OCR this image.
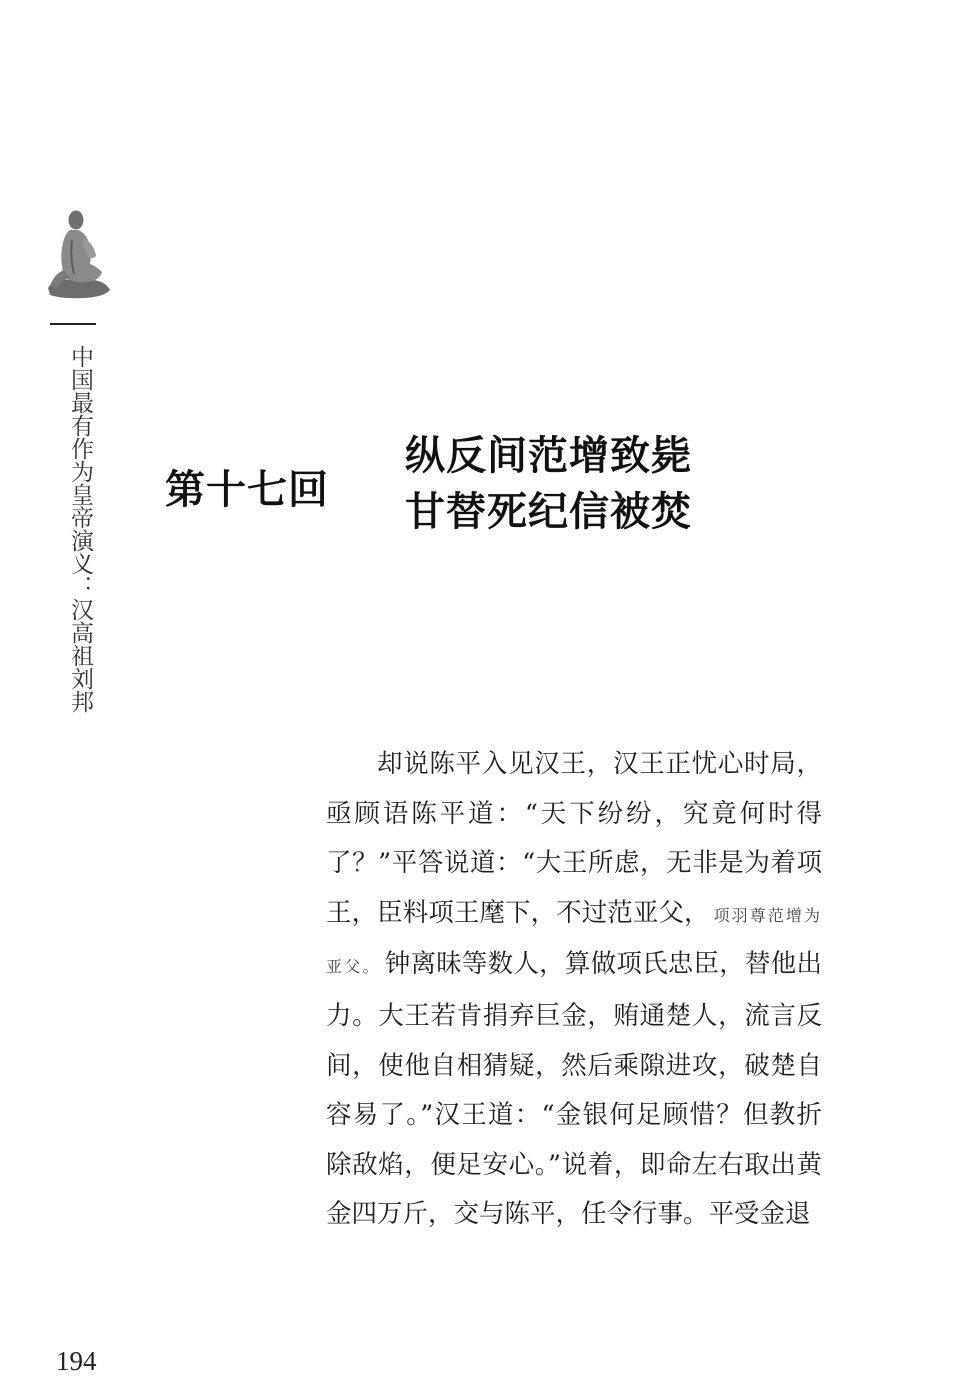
中国最有作为皇帝演义：汉高祖刘邦 第十七回
纵反间范增致毙
甘替死纪信被焚

却说陈平入见汉王，汉王正忧心时局，亟顾语陈平道：“天下纷纷，究竟何时得了？”平答说道：“大王所虑，无非是为着项王，臣料项王麾下，不过范亚父， 项羽尊范增为亚父。 钟离昧等数人，算做项氏忠臣，替他出力。大王若肯捐弃巨金，贿通楚人，流言反间，使他自相猜疑，然后乘隙进攻，破楚自容易了。”汉王道：“金银何足顾惜？但教折除敌焰，便足安心。”说着，即命左右取出黄金四万斤，交与陈平，任令行事。平受金退

194
